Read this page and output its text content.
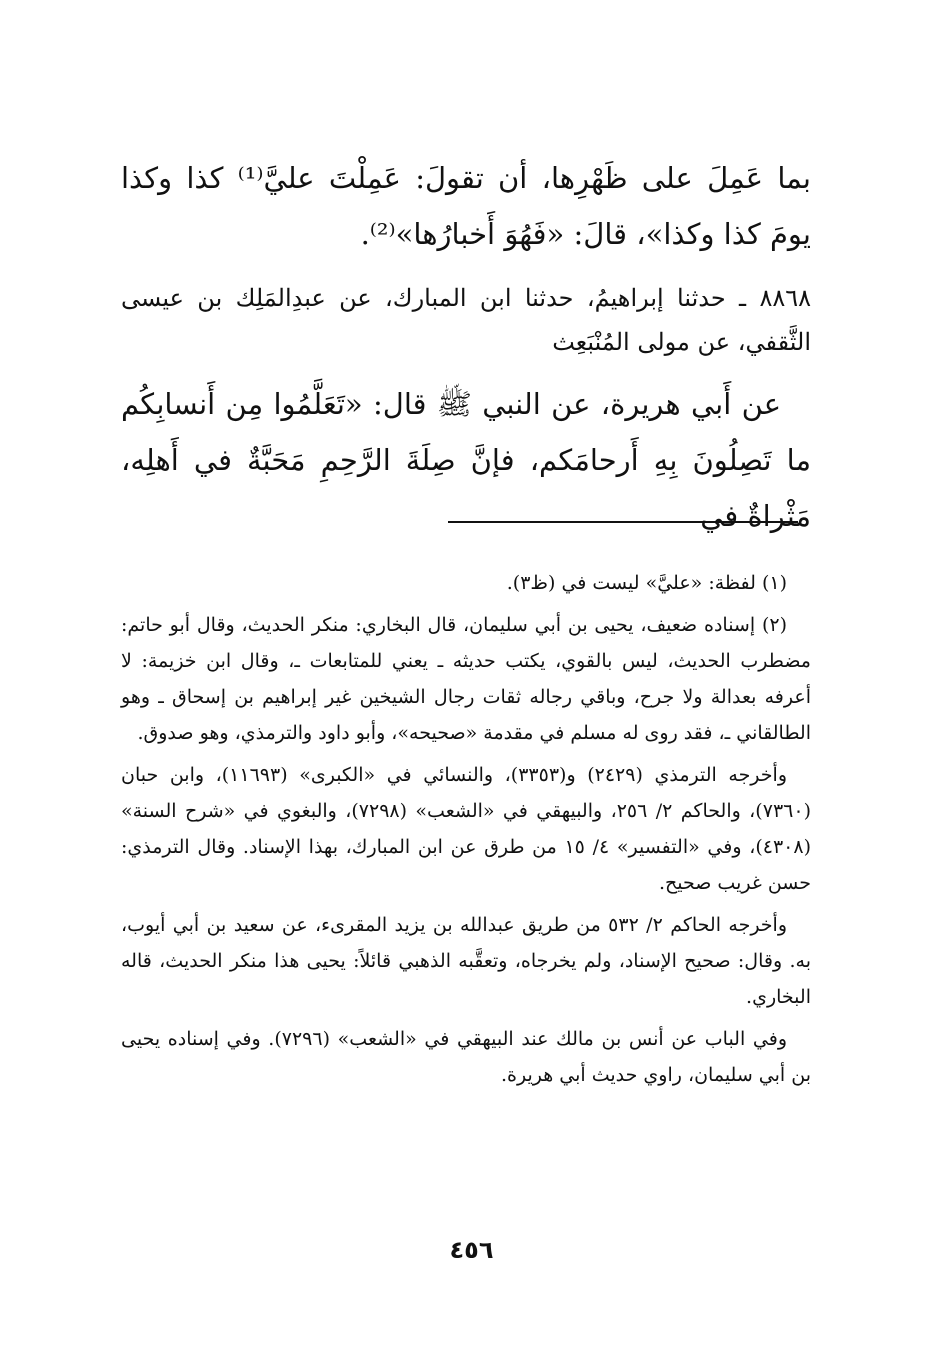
بما عَمِلَ على ظَهْرِها، أن تقولَ: عَمِلْتَ عليَّ⁽¹⁾ كذا وكذا يومَ كذا وكذا»، قالَ: «فَهُوَ أَخبارُها»⁽²⁾.

٨٨٦٨ ـ حدثنا إبراهيمُ، حدثنا ابن المبارك، عن عبدِالمَلِك بن عيسى الثَّقفي، عن مولى المُنْبَعِث

عن أَبي هريرة، عن النبي ﷺ قال: «تَعَلَّمُوا مِن أَنسابِكُم ما تَصِلُونَ بِهِ أَرحامَكم، فإنَّ صِلَةَ الرَّحِمِ مَحَبَّةٌ في أَهلِه، مَثْراةٌ في

(١) لفظة: «عليَّ» ليست في (ظ٣).

(٢) إسناده ضعيف، يحيى بن أبي سليمان، قال البخاري: منكر الحديث، وقال أبو حاتم: مضطرب الحديث، ليس بالقوي، يكتب حديثه ـ يعني للمتابعات ـ، وقال ابن خزيمة: لا أعرفه بعدالة ولا جرح، وباقي رجاله ثقات رجال الشيخين غير إبراهيم بن إسحاق ـ وهو الطالقاني ـ، فقد روى له مسلم في مقدمة «صحيحه»، وأبو داود والترمذي، وهو صدوق.

وأخرجه الترمذي (٢٤٢٩) و(٣٣٥٣)، والنسائي في «الكبرى» (١١٦٩٣)، وابن حبان (٧٣٦٠)، والحاكم ٢/ ٢٥٦، والبيهقي في «الشعب» (٧٢٩٨)، والبغوي في «شرح السنة» (٤٣٠٨)، وفي «التفسير» ٤/ ١٥ من طرق عن ابن المبارك، بهذا الإسناد. وقال الترمذي: حسن غريب صحيح.

وأخرجه الحاكم ٢/ ٥٣٢ من طريق عبدالله بن يزيد المقرىء، عن سعيد بن أبي أيوب، به. وقال: صحيح الإسناد، ولم يخرجاه، وتعقَّبه الذهبي قائلاً: يحيى هذا منكر الحديث، قاله البخاري.

وفي الباب عن أنس بن مالك عند البيهقي في «الشعب» (٧٢٩٦). وفي إسناده يحيى بن أبي سليمان، راوي حديث أبي هريرة.

٤٥٦
